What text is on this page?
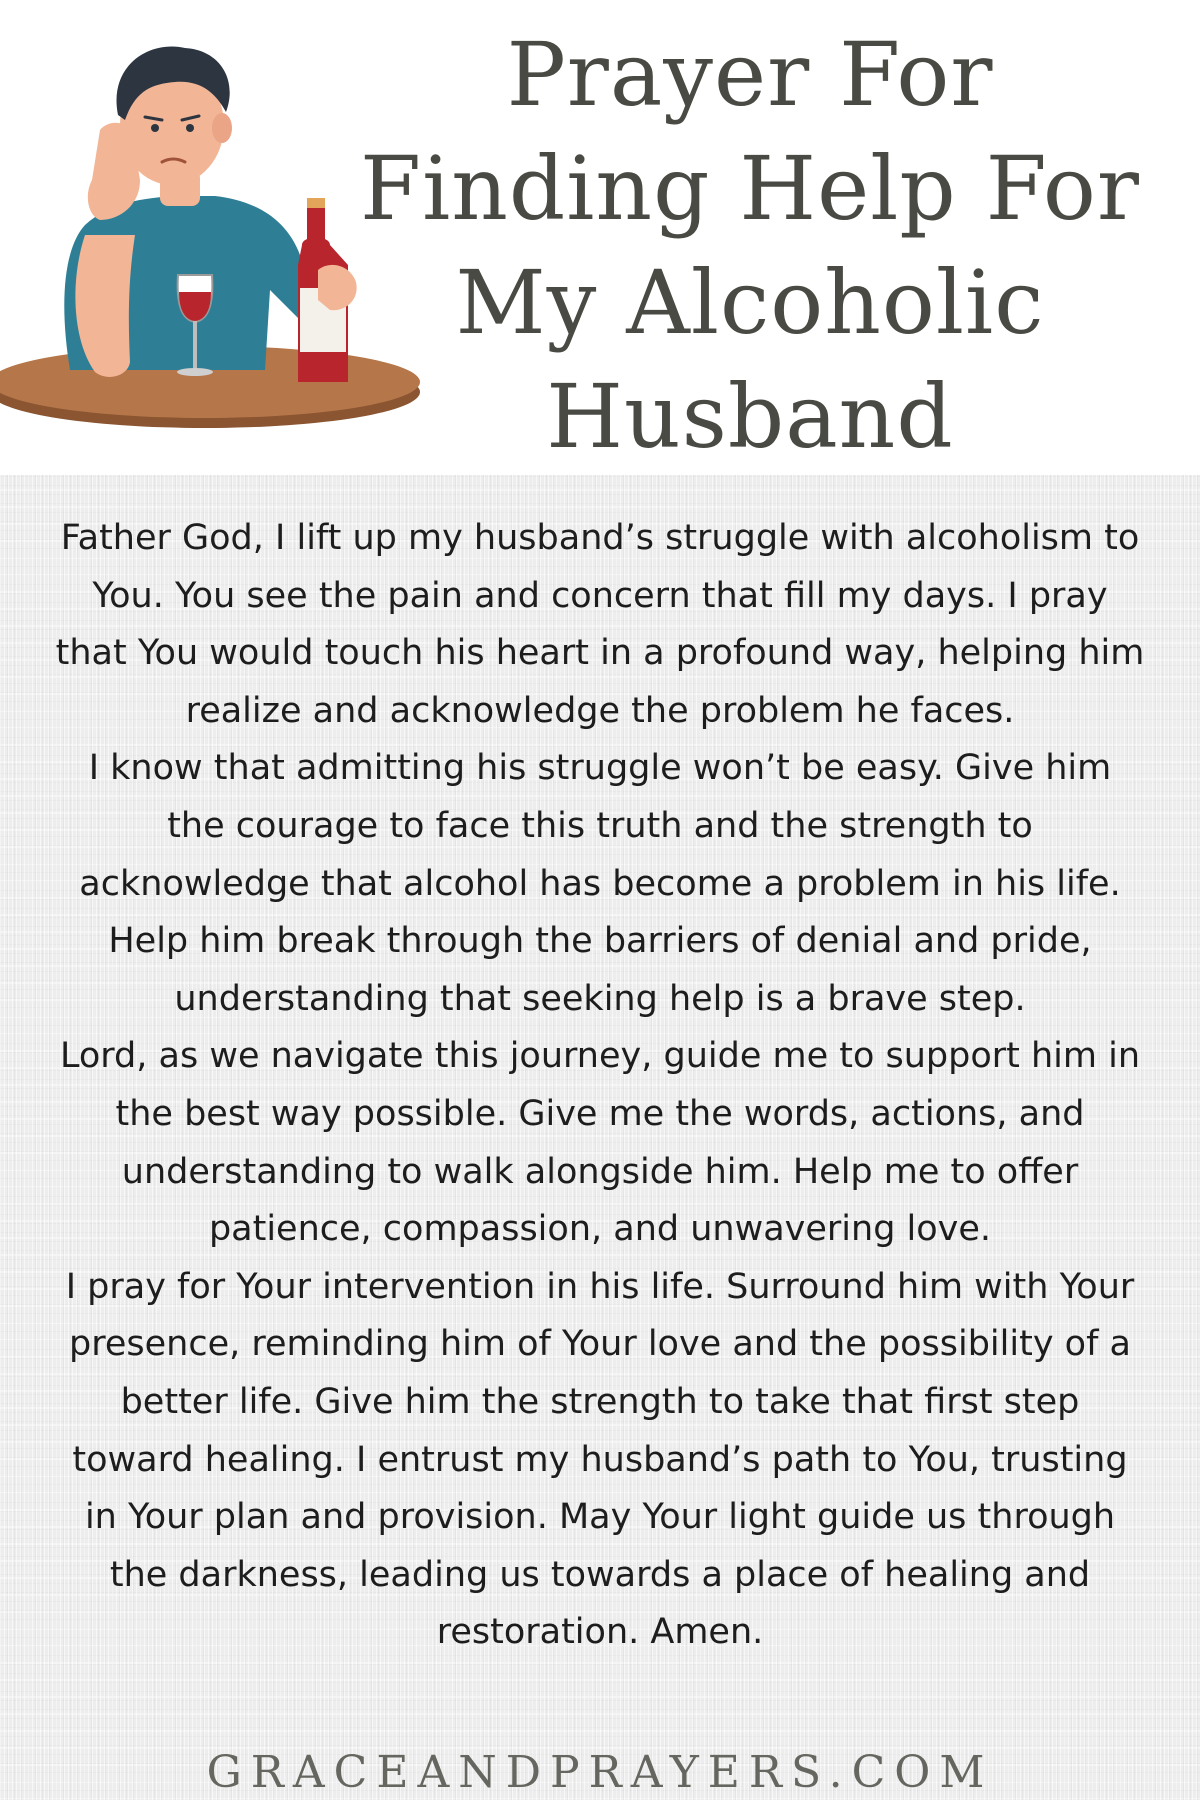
Prayer For Finding Help For My Alcoholic Husband

Father God, I lift up my husband’s struggle with alcoholism to You. You see the pain and concern that fill my days. I pray that You would touch his heart in a profound way, helping him realize and acknowledge the problem he faces.

I know that admitting his struggle won’t be easy. Give him the courage to face this truth and the strength to acknowledge that alcohol has become a problem in his life. Help him break through the barriers of denial and pride, understanding that seeking help is a brave step.

Lord, as we navigate this journey, guide me to support him in the best way possible. Give me the words, actions, and understanding to walk alongside him. Help me to offer patience, compassion, and unwavering love.

I pray for Your intervention in his life. Surround him with Your presence, reminding him of Your love and the possibility of a better life. Give him the strength to take that first step toward healing. I entrust my husband’s path to You, trusting in Your plan and provision. May Your light guide us through the darkness, leading us towards a place of healing and restoration. Amen.

GRACEANDPRAYERS.COM
